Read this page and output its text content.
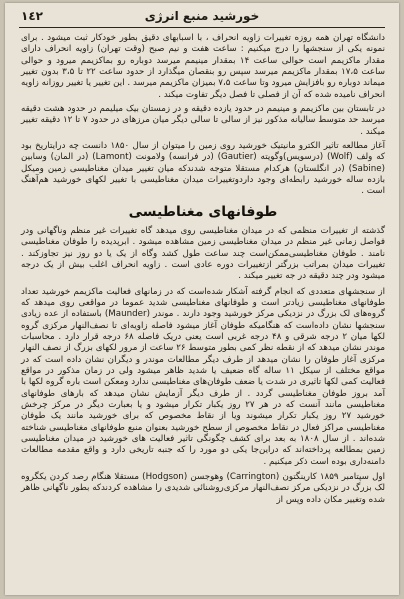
خورشید منبع انرژی
١٤٢

دانشگاه تهران همه روزه تغییرات زاویه انحراف ، با اسبابهای دقیق بطور خودکار ثبت میشود . برای نمونه یکی از سنجشها را درج میکنیم : ساعت هفت و نیم صبح (وقت تهران) زاویه انحراف دارای مقدار ماکزیمم است حوالی ساعت ۱۴ بمقدار مینیمم میرسد دوباره رو بماکزیمم میرود و حوالی ساعت ۱۷،۵ بمقدار ماکزیمم میرسد سپس رو بنقصان میگذارد از حدود ساعت ۲۲ تا ۳،۵ بدون تغییر میماند دوباره رو بافزایش میرود وتا ساعت ۷،۵ بمیزان ماکزیمم میرسد . این تغییر یا تغییر روزانه زاویه انحراف نامیده شده که آن از فصلی تا فصل دیگر تفاوت میکند .

در تابستان بین ماکزیمم و مینیمم در حدود یازده دقیقه و در زمستان بیک میلیمم در حدود هشت دقیقه میرسد حد متوسط سالیانه مذکور نیز از سالی تا سالی دیگر میان مرزهای در حدود ۷ تا ۱۲ دقیقه تغییر میکند .

آغاز مطالعه تاثیر الکترو مانیتیک خورشید روی زمین را میتوان از سال ۱۸۵۰ دانست چه درایتاریخ بود که ولف (Wolf) (درسویس)وگویته (Gautier) (در فرانسه) ولامونت (Lamont) (در المان) وسابین (Sabine) (در انگلستان) هرکدام مستقلا متوجه شدندکه میان تغییر میدان مغناطیسی زمین ومیکل بازده ساله خورشید رابطه‌ای وجود داردوتغییرات میدان مغناطیسی با تغییر لکهای خورشید هم‌آهنگ است .

طوفانهای مغناطیسی

گذشته از تغییرات منظمی که در میدان مغناطیسی روی میدهد گاه تغییرات غیر منظم وناگهانی ودر فواصل زمانی غیر منظم در میدان مغناطیسی زمین مشاهده میشود . ابرپدیده را طوفان مغناطیسی نامند . طوفان مغناطیسی‌ممکن‌است چند ساعت طول کشد وگاه از یک یا دو روز نیز تجاوزکند . تغییرات میدان بمراتب بزرگتر ازتغییرات دوره عادی است . زاویه انحراف اغلب بیش از یک درجه میشود ودر چند دقیقه در جه تغییر میکند .

از سنجشهای متعددی که انجام گرفته آشکار شده‌است که در زمانهای فعالیت ماکزیمم خورشید تعداد طوفانهای مغناطیسی زیادتر است و طوفانهای مغناطیسی شدید عموما در مواقعی روی میدهد که گروه‌های لک بزرگ در نزدیکی مرکز خورشید وجود دارند . موندر (Maunder) باستفاده از عده زیادی سنجشها نشان داده‌است که هنگامیکه طوفان آغاز میشود فاصله زاویه‌ای تا نصف‌النهار مرکزی گروه لکها میان ۲ درجه شرقی و ۴۸ درجه غربی است یعنی دریک فاصله ۶۸ درجه قرار دارد . محاسبات موندر نشان میدهد که از نقطه نظر کمی بطور متوسط ۲۶ ساعت از مرور لکهای بزرگ از نصف النهار مرکزی آغاز طوفان را نشان میدهد از طرف دیگر مطالعات موندر و دیگران نشان داده است که در مواقع مختلف از سیکل ۱۱ ساله گاه ضعیف یا شدید ظاهر میشود ولی در زمان مذکور در مواقع فعالیت کمی لکها تاثیری در شدت یا ضعف طوفان‌های مغناطیسی ندارد ومعکن است باره گروه لکها با آمد بروز طوفان مغناطیسی گردد . از طرف دیگر آزمایش نشان میدهد که بارهای طوفانهای مغناطیسی مانند آنست که در هر ۲۷ روز یکبار تکرار میشود و یا بعبارت دیگر در مرکز چرخش خورشید ۲۷ روز یکبار تکرار میشوند ویا از نقاط مخصوص که برای خورشید مانند یک طوفان مغناطیسی مراکز فعال در نقاط مخصوص از سطح خورشید بعنوان منبع طوفانهای مغناطیسی شناخته شده‌اند . از سال ۱۸۰۸ به بعد برای کشف چگونگی تاثیر فعالیت های خورشید در میدان مغناطیسی زمین بمطالعه پرداخته‌اند که دراین‌جا یکی دو مورد را که جنبه تاریخی دارد و واقع مقدمه مطالعات دامنه‌داری بوده است ذکر میکنیم .

اول سپتامبر ۱۸۵۹ کارینگتون (Carrington) وهوجسن (Hodgson) مستقلا هنگام رصد کردن یکگروه لک بزرگ در نزدیکی مرکز نصف‌النهار مرکزی‌روشنائی شدیدی را مشاهده کردندکه بطور ناگهانی ظاهر شده وتغییر مکان داده وپس از
